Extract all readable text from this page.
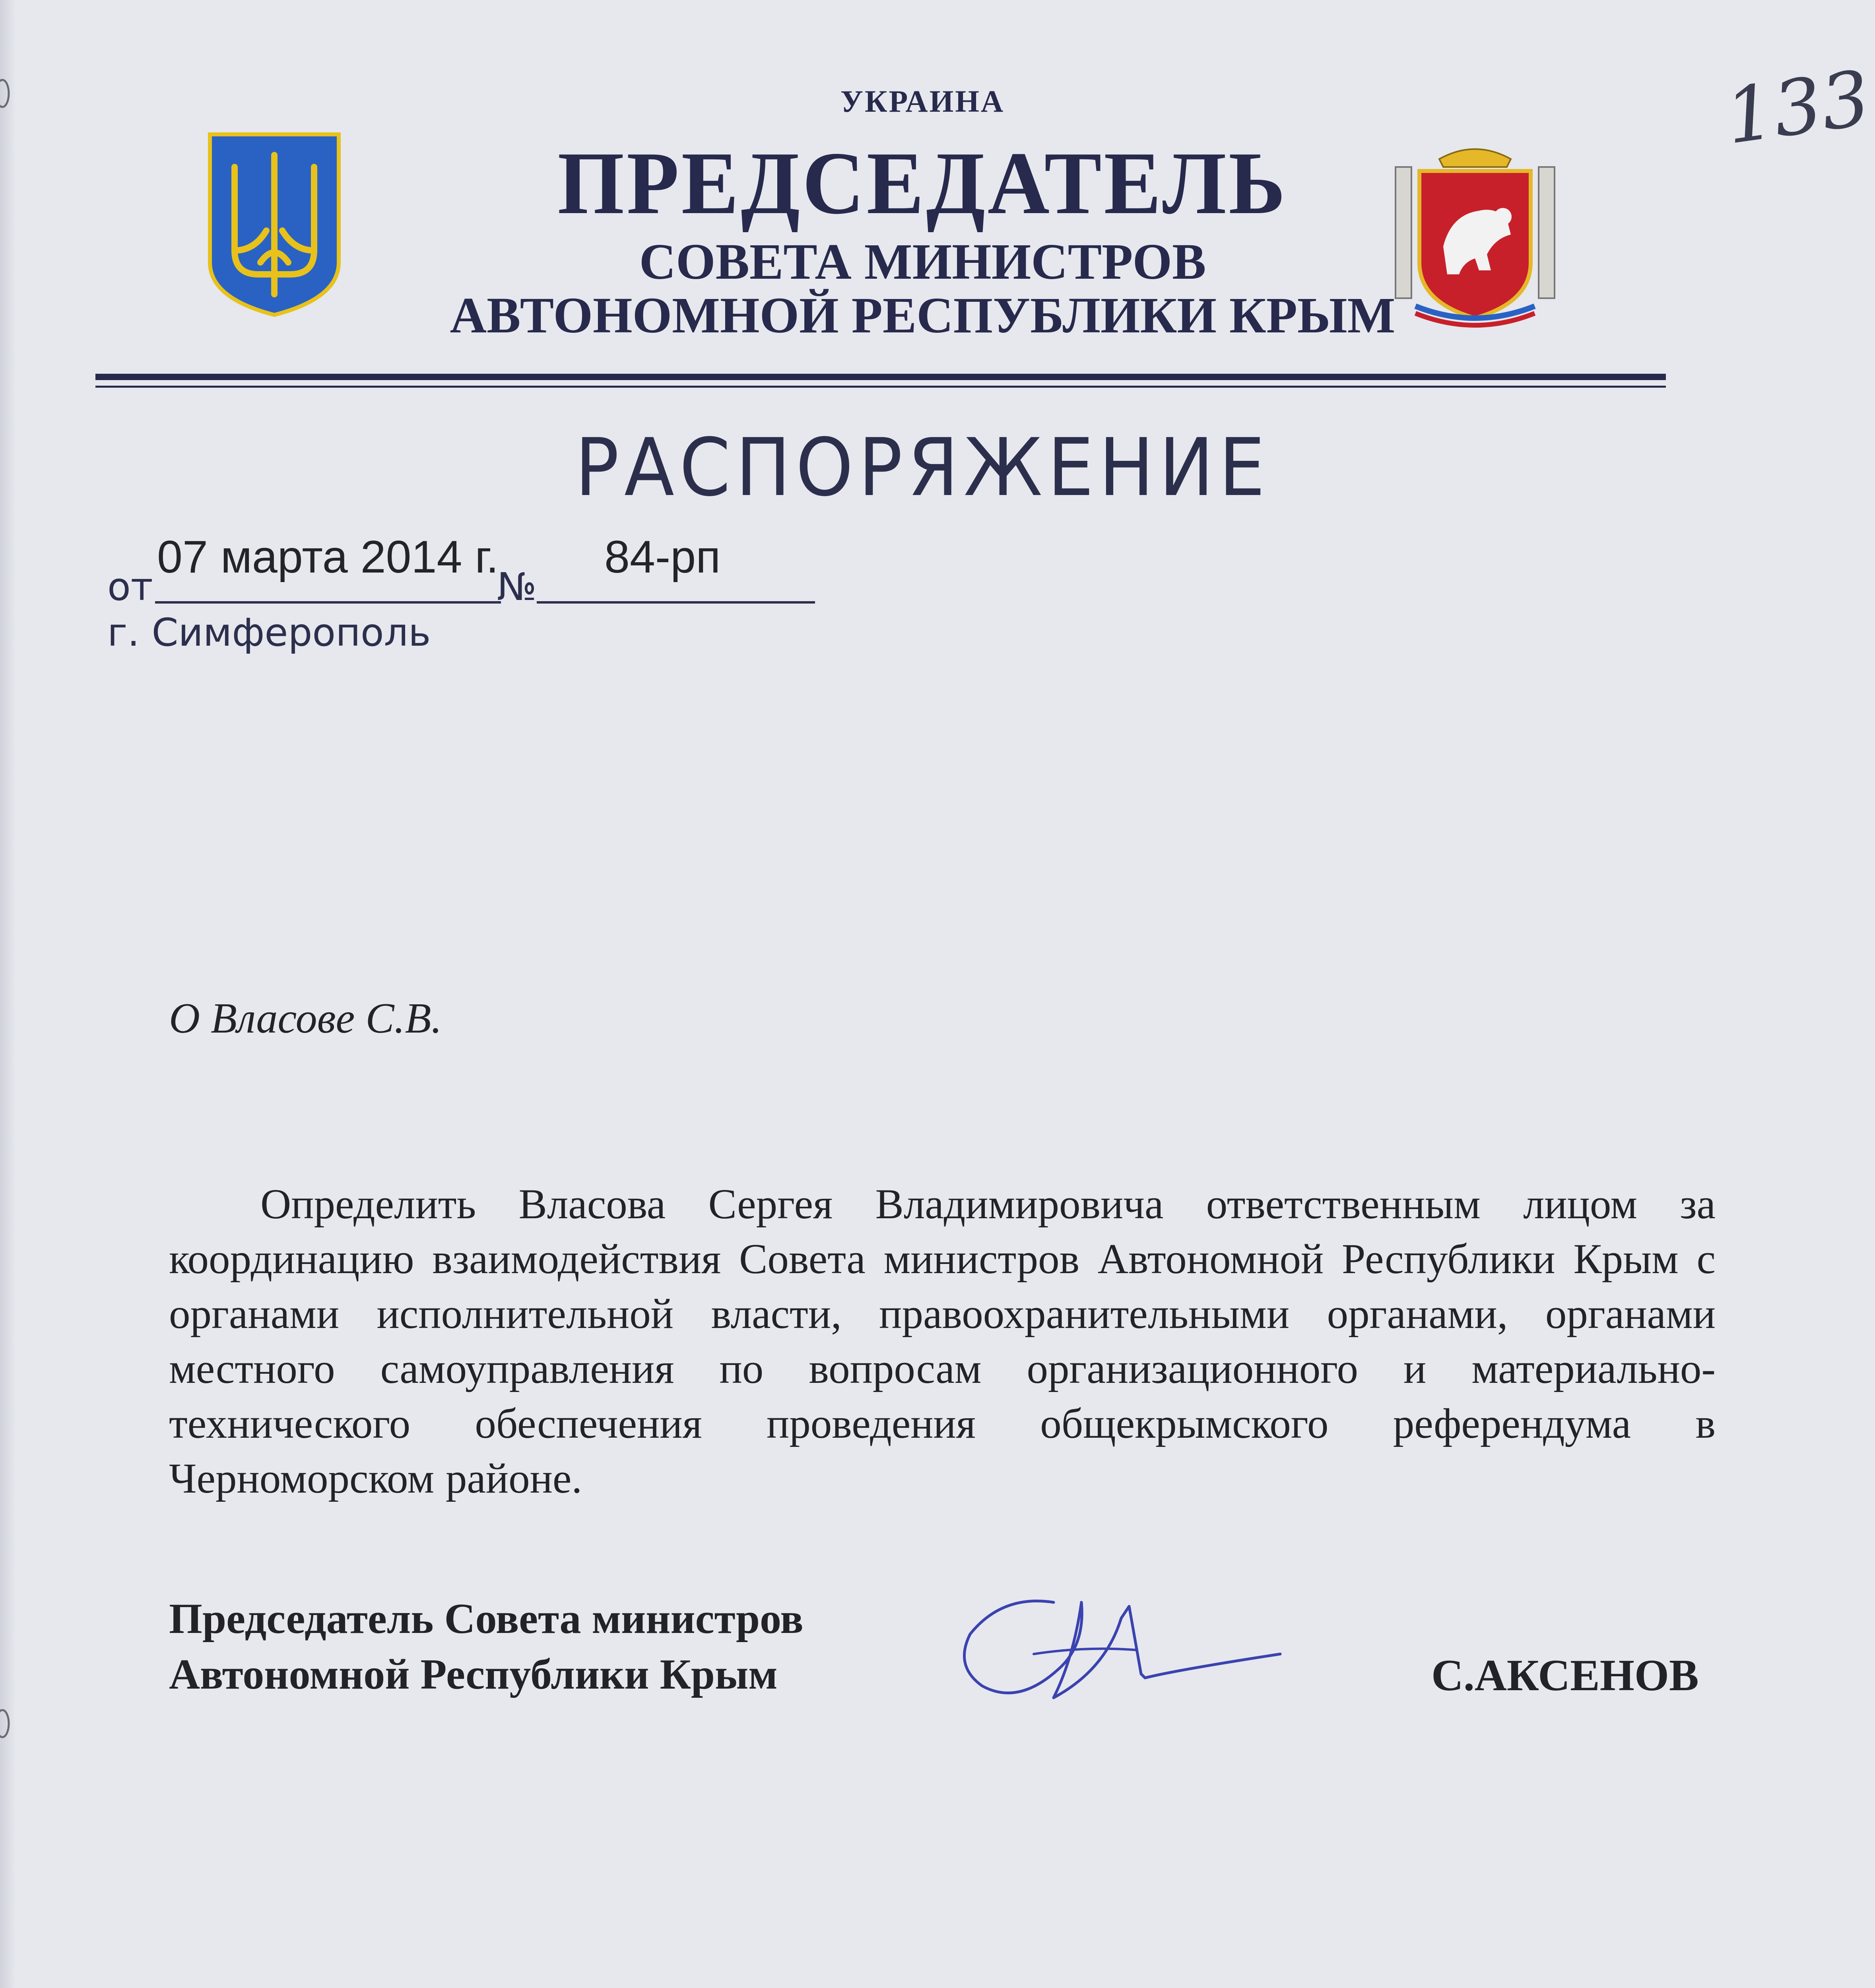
133
УКРАИНА
ПРЕДСЕДАТЕЛЬ
СОВЕТА МИНИСТРОВ
АВТОНОМНОЙ РЕСПУБЛИКИ КРЫМ
РАСПОРЯЖЕНИЕ
от
07 марта 2014 г.
№
84-рп
г. Симферополь
О Власове С.В.
Определить Власова Сергея Владимировича ответственным лицом за координацию взаимодействия Совета министров Автономной Республики Крым с органами исполнительной власти, правоохранительными органами, органами местного самоуправления по вопросам организационного и материально-технического обеспечения проведения общекрымского референдума в Черноморском районе.
Председатель Совета министров
Автономной Республики Крым	С.АКСЕНОВ
